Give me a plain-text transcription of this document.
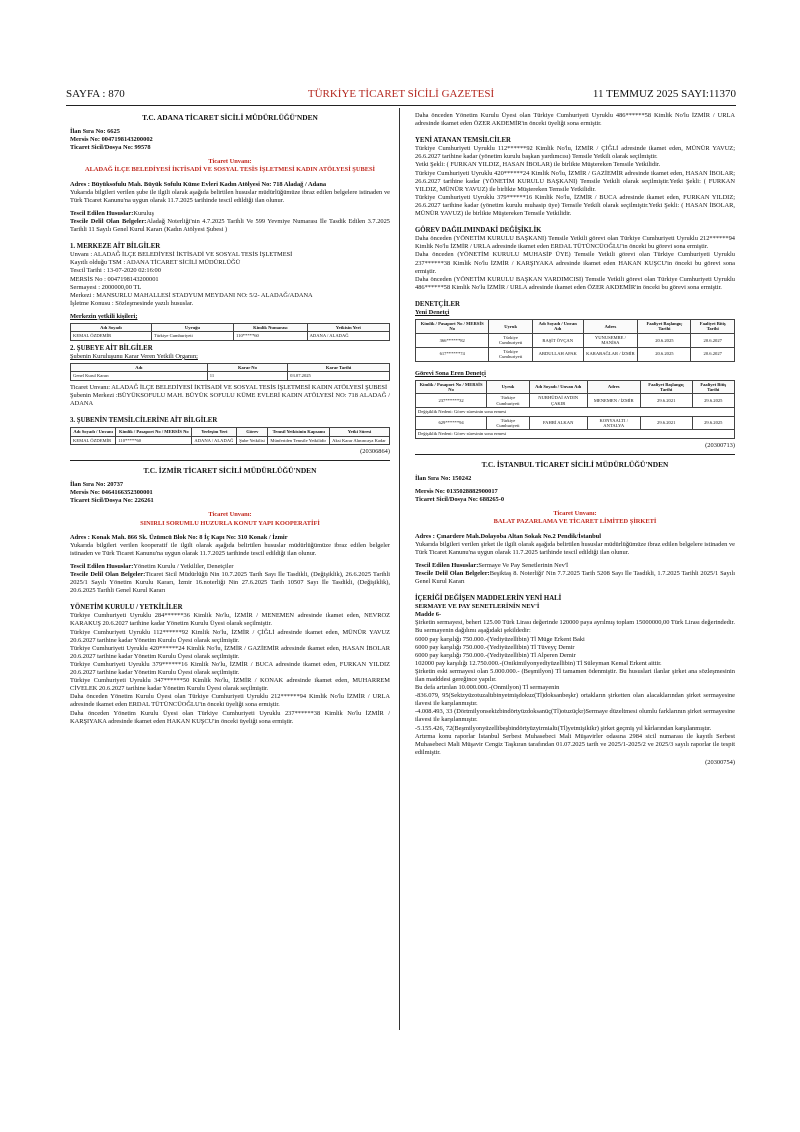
SAYFA : 870	TÜRKİYE TİCARET SİCİLİ GAZETESİ	11 TEMMUZ 2025 SAYI:11370
T.C. ADANA TİCARET SİCİLİ MÜDÜRLÜĞÜ'NDEN
İlan Sıra No: 6625
Mersis No: 0047198143200002
Ticaret Sicil/Dosya No: 99578
Ticaret Unvanı:
ALADAĞ İLÇE BELEDİYESİ İKTİSADİ VE SOSYAL TESİS İŞLETMESİ KADIN ATÖLYESİ ŞUBESİ

Adres : Büyüksofulu Mah. Büyük Sofulu Küme Evleri Kadın Atölyesi No: 718 Aladağ / Adana

Yukarıda bilgileri verilen şube ile ilgili olarak aşağıda belirtilen hususlar müdürlüğümüze ibraz edilen belgelere istinaden ve Türk Ticaret Kanunu'na uygun olarak 11.7.2025 tarihinde tescil edildiği ilan olunur.

Tescil Edilen Hususlar:Kuruluş

Tescile Delil Olan Belgeler:Aladağ Noterliği'nin 4.7.2025 Tarihli Ve 599 Yevmiye Numarası İle Tasdik Edilen 3.7.2025 Tarihli 11 Sayılı Genel Kurul Kararı (Kadın Atölyesi Şubesi )

1. MERKEZE AİT BİLGİLER

Unvanı : ALADAĞ İLÇE BELEDİYESİ İKTİSADİ VE SOSYAL TESİS İŞLETMESİ

Kayıtlı olduğu TSM : ADANA TİCARET SİCİLİ MÜDÜRLÜĞÜ

Tescil Tarihi : 13-07-2020 02:16:00

MERSİS No : 0047198143200001

Sermayesi : 2000000,00 TL

Merkezi : MANSURLU MAHALLESİ STADYUM MEYDANI NO: 5/2- ALADAĞ/ADANA

İşletme Konusu : Sözleşmesinde yazılı hususlar.

Merkezin yetkili kişileri;
Adı Soyadı	Uyruğu	Kimlik Numarası	Yetkisin Yeri
KEMAL ÖZDEMİR	Türkiye Cumhuriyeti	110*****60	ADANA / ALADAĞ
2. ŞUBEYE AİT BİLGİLER
Şubenin Kuruluşunu Karar Veren Yetkili Organın;
Adı	Karar No	Karar Tarihi
Genel Kurul Kararı	11	03.07.2025

Ticaret Unvanı: ALADAĞ İLÇE BELEDİYESİ İKTİSADİ VE SOSYAL TESİS İŞLETMESİ KADIN ATÖLYESİ ŞUBESİ

Şubenin Merkezi :BÜYÜKSOFULU MAH. BÜYÜK SOFULU KÜME EVLERİ KADIN ATÖLYESİ NO: 718 ALADAĞ / ADANA

3. ŞUBENİN TEMSİLCİLERİNE AİT BİLGİLER
Adı Soyadı / Unvanı	Kimlik / Pasaport No / MERSİS No	Yerleşim Yeri	Görev	Temsil Yetkisinin Kapsamı	Yetki Süresi
KEMAL ÖZDEMİR	110*****60	ADANA / ALADAĞ	Şube Yetkilisi	Münferiden Temsile Yetkilidir	Aksi Karar Alınıncaya Kadar
(20306864)
T.C. İZMİR TİCARET SİCİLİ MÜDÜRLÜĞÜ'NDEN
İlan Sıra No: 20737
Mersis No: 0464166352300001
Ticaret Sicil/Dosya No: 226261
Ticaret Unvanı:
SINIRLI SORUMLU HUZURLA KONUT YAPI KOOPERATİFİ

Adres : Konak Mah. 866 Sk. Üzümcü Blok No: 8 İç Kapı No: 310 Konak / İzmir

Yukarıda bilgileri verilen kooperatif ile ilgili olarak aşağıda belirtilen hususlar müdürlüğümüze ibraz edilen belgeler istinaden ve Türk Ticaret Kanunu'na uygun olarak 11.7.2025 tarihinde tescil edildiği ilan olunur.

Tescil Edilen Hususlar:Yönetim Kurulu / Yetkililer, Denetçiler

Tescile Delil Olan Belgeler:Ticaret Sicil Müdürlüğü Nin 10.7.2025 Tarih Sayı İle Tasdikli, (Değişiklik), 26.6.2025 Tarihli 2025/1 Sayılı Yönetim Kurulu Kararı, İzmir 16.noterliği Nin 27.6.2025 Tarih 10507 Sayı İle Tasdikli, (Değişiklik), 20.6.2025 Tarihli Genel Kurul Kararı

YÖNETİM KURULU / YETKİLİLER

Türkiye Cumhuriyeti Uyruklu 284******36 Kimlik No'lu, İZMİR / MENEMEN adresinde ikamet eden, NEVROZ KARAKUŞ 20.6.2027 tarihine kadar Yönetim Kurulu Üyesi olarak seçilmiştir.

Türkiye Cumhuriyeti Uyruklu 112******92 Kimlik No'lu, İZMİR / ÇİĞLİ adresinde ikamet eden, MÜNÜR YAVUZ 20.6.2027 tarihine kadar Yönetim Kurulu Üyesi olarak seçilmiştir.

Türkiye Cumhuriyeti Uyruklu 420******24 Kimlik No'lu, İZMİR / GAZİEMİR adresinde ikamet eden, HASAN İBOLAR 20.6.2027 tarihine kadar Yönetim Kurulu Üyesi olarak seçilmiştir.

Türkiye Cumhuriyeti Uyruklu 379******16 Kimlik No'lu, İZMİR / BUCA adresinde ikamet eden, FURKAN YILDIZ 20.6.2027 tarihine kadar Yönetim Kurulu Üyesi olarak seçilmiştir.

Türkiye Cumhuriyeti Uyruklu 347******50 Kimlik No'lu, İZMİR / KONAK adresinde ikamet eden, MUHARREM CİVELEK 20.6.2027 tarihine kadar Yönetim Kurulu Üyesi olarak seçilmiştir.

Daha önceden Yönetim Kurulu Üyesi olan Türkiye Cumhuriyeti Uyruklu 212******94 Kimlik No'lu İZMİR / URLA adresinde ikamet eden ERDAL TÜTÜNCÜOĞLU'in önceki üyeliği sona ermiştir.

Daha önceden Yönetim Kurulu Üyesi olan Türkiye Cumhuriyeti Uyruklu 237******38 Kimlik No'lu İZMİR / KARŞIYAKA adresinde ikamet eden HAKAN KUŞCU'in önceki üyeliği sona ermiştir.

Daha önceden Yönetim Kurulu Üyesi olan Türkiye Cumhuriyeti Uyruklu 486******58 Kimlik No'lu İZMİR / URLA adresinde ikamet eden ÖZER AKDEMİR'in önceki üyeliği sona ermiştir.

YENİ ATANAN TEMSİLCİLER

Türkiye Cumhuriyeti Uyruklu 112******92 Kimlik No'lu, İZMİR / ÇİĞLİ adresinde ikamet eden, MÜNÜR YAVUZ; 26.6.2027 tarihine kadar (yönetim kurulu başkan yardımcısı) Temsile Yetkili olarak seçilmiştir.

Yetki Şekli: ( FURKAN YILDIZ, HASAN İBOLAR) ile birlikte Müştereken Temsile Yetkilidir.

Türkiye Cumhuriyeti Uyruklu 420******24 Kimlik No'lu, İZMİR / GAZİEMİR adresinde ikamet eden, HASAN İBOLAR; 26.6.2027 tarihine kadar (YÖNETİM KURULU BAŞKANI) Temsile Yetkili olarak seçilmiştir.Yetki Şekli: ( FURKAN YILDIZ, MÜNÜR YAVUZ) ile birlikte Müştereken Temsile Yetkilidir.

Türkiye Cumhuriyeti Uyruklu 379******16 Kimlik No'lu, İZMİR / BUCA adresinde ikamet eden, FURKAN YILDIZ; 26.6.2027 tarihine kadar (yönetim kurulu muhasip üye) Temsile Yetkili olarak seçilmiştir.Yetki Şekli: ( HASAN İBOLAR, MÜNÜR YAVUZ) ile birlikte Müştereken Temsile Yetkilidir.

GÖREV DAĞILIMINDAKİ DEĞİŞİKLİK

Daha önceden (YÖNETİM KURULU BAŞKANI) Temsile Yetkili görevi olan Türkiye Cumhuriyeti Uyruklu 212******94 Kimlik No'lu İZMİR / URLA adresinde ikamet eden ERDAL TÜTÜNCÜOĞLU'in önceki bu görevi sona ermiştir.

Daha önceden (YÖNETİM KURULU MUHASİP ÜYE) Temsile Yetkili görevi olan Türkiye Cumhuriyeti Uyruklu 237******38 Kimlik No'lu İZMİR / KARŞIYAKA adresinde ikamet eden HAKAN KUŞCU'in önceki bu görevi sona ermiştir.

Daha önceden (YÖNETİM KURULU BAŞKAN YARDIMCISI) Temsile Yetkili görevi olan Türkiye Cumhuriyeti Uyruklu 486******58 Kimlik No'lu İZMİR / URLA adresinde ikamet eden ÖZER AKDEMİR'in önceki bu görevi sona ermiştir.

DENETÇİLER
Yeni Denetçi
Kimlik / Pasaport No / MERSİS No	Uyruk	Adı Soyadı / Unvan Adı	Adres	Faaliyet Başlangıç Tarihi	Faaliyet Bitiş Tarihi
366******82	Türkiye Cumhuriyeti	RAŞİT ÖVÇAN	YUNUSEMRE / MANİSA	20.6.2025	20.6.2027
617******74	Türkiye Cumhuriyeti	ABDULLAH APAK	KARABAĞLAR / İZMİR	20.6.2025	20.6.2027
Görevi Sona Eren Denetçi
Kimlik / Pasaport No / MERSİS No	Uyruk	Adı Soyadı / Unvan Adı	Adres	Faaliyet Başlangıç Tarihi	Faaliyet Bitiş Tarihi
237******32	Türkiye Cumhuriyeti	NURHÜDAİ AYDIN ÇAKIR	MENEMEN / İZMİR	29.6.2021	29.6.2025
Değişiklik Nedeni: Görev süresinin sona ermesi					
629******94	Türkiye Cumhuriyeti	FAHRİ ALKAN	KONYAALTI / ANTALYA	29.6.2021	29.6.2025
Değişiklik Nedeni: Görev süresinin sona ermesi					
(20300713)
T.C. İSTANBUL TİCARET SİCİLİ MÜDÜRLÜĞÜ'NDEN
İlan Sıra No: 150242
Mersis No: 0135028882900017
Ticaret Sicil/Dosya No: 688265-0
Ticaret Unvanı:
BALAT PAZARLAMA VE TİCARET LİMİTED ŞİRKETİ

Adres : Çınardere Mah.Dolayoba Altan Sokak No.2 Pendik/İstanbul

Yukarıda bilgileri verilen şirket ile ilgili olarak aşağıda belirtilen hususlar müdürlüğümüze ibraz edilen belgelere istinaden ve Türk Ticaret Kanunu'na uygun olarak 11.7.2025 tarihinde tescil edildiği ilan olunur.

Tescil Edilen Hususlar:Sermaye Ve Pay Senetlerinin Nev'İ

Tescile Delil Olan Belgeler:Beşiktaş 8. Noterliği' Nin 7.7.2025 Tarih 5208 Sayı İle Tasdikli, 1.7.2025 Tarihli 2025/1 Sayılı Genel Kurul Kararı

İÇERİĞİ DEĞİŞEN MADDELERİN YENİ HALİ
SERMAYE VE PAY SENETLERİNİN NEV'İ
Madde 6-

Şirketin sermayesi, beheri 125.00 Türk Lirası değerinde 120000 paya ayrılmış toplam 15000000,00 Türk Lirası değerindedir.

Bu sermayenin dağılımı aşağıdaki şekildedir:

6000 pay karşılığı 750.000.-(Yediyüzellibin) Tl Müge Erkent Baki

6000 pay karşılığı 750.000.-(Yediyüzellibin) Tl Tüveyç Demir

6000 pay karşılığı 750.000.-(Yediyüzellibin) Tl Alperen Demir

102000 pay karşılığı 12.750.000.-(Onikimilyonyediyüzellibin) Tl Süleyman Kemal Erkent aittir.

Şirketin eski sermayesi olan 5.000.000.- (Beşmilyon) Tl tamamen ödenmiştir. Bu hususlari ilanlar şirket ana sözleşmesinin ilan madddesi gereğince yapılır.

Bu defa artırılan 10.000.000.-(Onmilyon) Tl sermayenin

-836.079, 95(Sekizyüzotuzaltıbinyetmişdokuz(Tl)doksanbeşkr) ortakların şirketten olan alacaklarından şirket sermayesine ilavesi ile karşılanmıştır.

-4.008.493, 33 (Dörtmilyonsekizbindörtyüzdoksanüç(Tl)otuzüçkr)Sermaye düzeltmesi olumlu farklarının şirket sermayesine ilavesi ile karşılanmıştır.

-5.155.426, 72(Beşmilyonyüzellibeşbindörtyüzyirmialtı(Tl)yetmişikikr) şirket geçmiş yıl kârlarından karşılanmıştır.

Artırma konu raporlar İstanbul Serbest Muhasebeci Mali Müşavirler odasına 2984 sicil numarası ile kayıtlı Serbest Muhasebeci Mali Müşavir Cengiz Taşkıran tarafından 01.07.2025 tarih ve 2025/1-2025/2 ve 2025/3 sayılı raporlar ile tespit edilmiştir.

(20300754)
